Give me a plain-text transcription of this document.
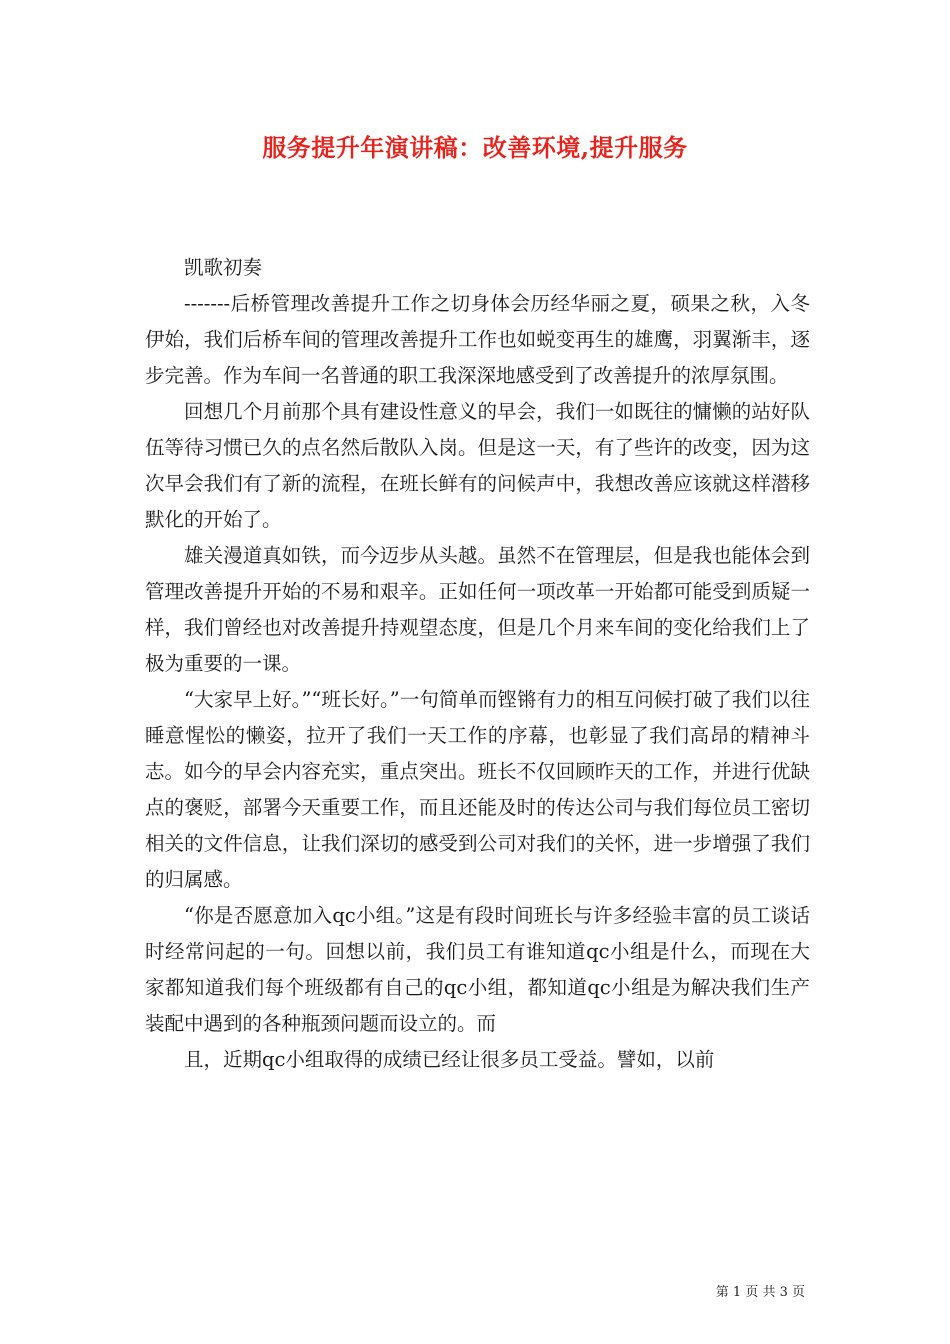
服务提升年演讲稿：改善环境,提升服务

凯歌初奏

-------后桥管理改善提升工作之切身体会历经华丽之夏，硕果之秋，入冬伊始，我们后桥车间的管理改善提升工作也如蜕变再生的雄鹰，羽翼渐丰，逐步完善。作为车间一名普通的职工我深深地感受到了改善提升的浓厚氛围。

回想几个月前那个具有建设性意义的早会，我们一如既往的慵懒的站好队伍等待习惯已久的点名然后散队入岗。但是这一天，有了些许的改变，因为这次早会我们有了新的流程，在班长鲜有的问候声中，我想改善应该就这样潜移默化的开始了。

雄关漫道真如铁，而今迈步从头越。虽然不在管理层，但是我也能体会到管理改善提升开始的不易和艰辛。正如任何一项改革一开始都可能受到质疑一样，我们曾经也对改善提升持观望态度，但是几个月来车间的变化给我们上了极为重要的一课。

“大家早上好。”“班长好。”一句简单而铿锵有力的相互问候打破了我们以往睡意惺忪的懒姿，拉开了我们一天工作的序幕，也彰显了我们高昂的精神斗志。如今的早会内容充实，重点突出。班长不仅回顾昨天的工作，并进行优缺点的褒贬，部署今天重要工作，而且还能及时的传达公司与我们每位员工密切相关的文件信息，让我们深切的感受到公司对我们的关怀，进一步增强了我们的归属感。

“你是否愿意加入qc小组。”这是有段时间班长与许多经验丰富的员工谈话时经常问起的一句。回想以前，我们员工有谁知道qc小组是什么，而现在大家都知道我们每个班级都有自己的qc小组，都知道qc小组是为解决我们生产装配中遇到的各种瓶颈问题而设立的。而

且，近期qc小组取得的成绩已经让很多员工受益。譬如，以前

第 1 页 共 3 页
